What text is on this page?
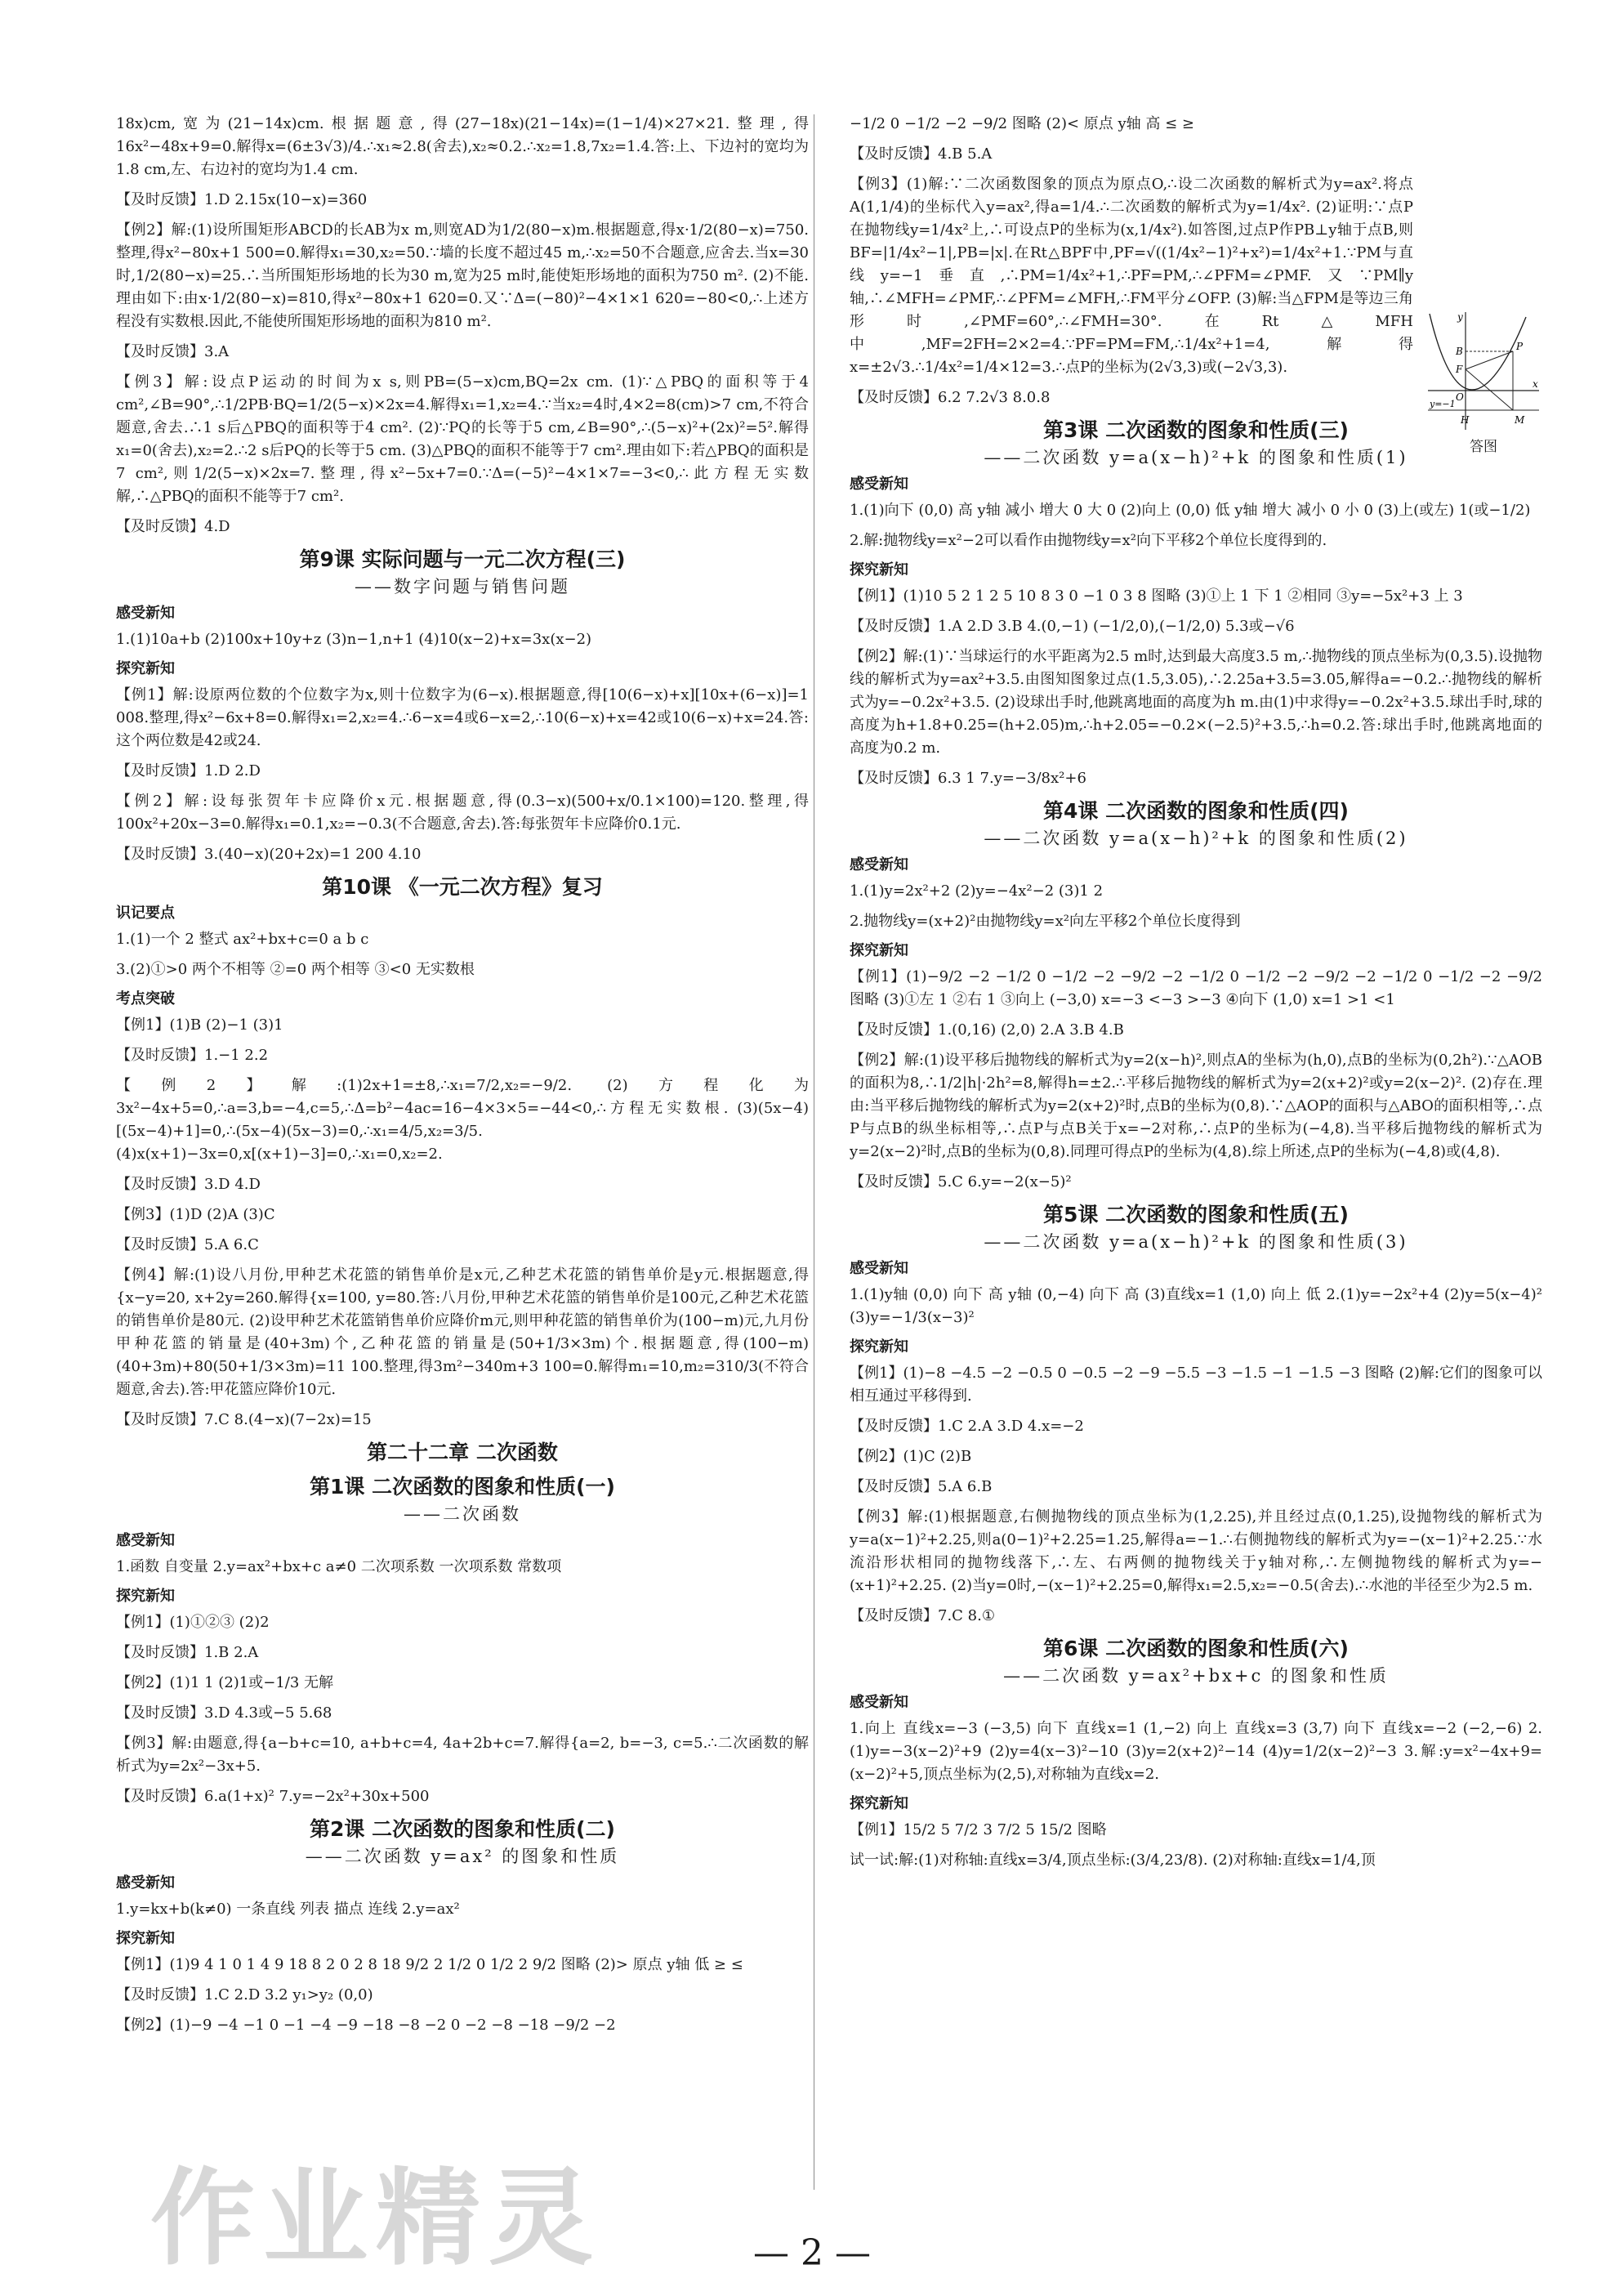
18x)cm,宽为(21−14x)cm.根据题意,得(27−18x)(21−14x)=(1−1/4)×27×21.整理,得16x²−48x+9=0.解得x=(6±3√3)/4.∴x₁≈2.8(舍去),x₂≈0.2.∴x₂=1.8,7x₂=1.4.答:上、下边衬的宽均为1.8 cm,左、右边衬的宽均为1.4 cm.
【及时反馈】1.D 2.15x(10−x)=360
【例2】解:(1)设所围矩形ABCD的长AB为x m,则宽AD为1/2(80−x)m.根据题意,得x·1/2(80−x)=750.整理,得x²−80x+1 500=0.解得x₁=30,x₂=50.∵墙的长度不超过45 m,∴x₂=50不合题意,应舍去.当x=30时,1/2(80−x)=25.∴当所围矩形场地的长为30 m,宽为25 m时,能使矩形场地的面积为750 m². (2)不能.理由如下:由x·1/2(80−x)=810,得x²−80x+1 620=0.又∵Δ=(−80)²−4×1×1 620=−80<0,∴上述方程没有实数根.因此,不能使所围矩形场地的面积为810 m².
【及时反馈】3.A
【例3】解:设点P运动的时间为x s,则PB=(5−x)cm,BQ=2x cm. (1)∵△PBQ的面积等于4 cm²,∠B=90°,∴1/2PB·BQ=1/2(5−x)×2x=4.解得x₁=1,x₂=4.∵当x₂=4时,4×2=8(cm)>7 cm,不符合题意,舍去.∴1 s后△PBQ的面积等于4 cm². (2)∵PQ的长等于5 cm,∠B=90°,∴(5−x)²+(2x)²=5².解得x₁=0(舍去),x₂=2.∴2 s后PQ的长等于5 cm. (3)△PBQ的面积不能等于7 cm².理由如下:若△PBQ的面积是7 cm²,则1/2(5−x)×2x=7.整理,得x²−5x+7=0.∵Δ=(−5)²−4×1×7=−3<0,∴此方程无实数解,∴△PBQ的面积不能等于7 cm².
【及时反馈】4.D
第9课 实际问题与一元二次方程(三)
——数字问题与销售问题
感受新知
1.(1)10a+b (2)100x+10y+z (3)n−1,n+1 (4)10(x−2)+x=3x(x−2)
探究新知
【例1】解:设原两位数的个位数字为x,则十位数字为(6−x).根据题意,得[10(6−x)+x][10x+(6−x)]=1 008.整理,得x²−6x+8=0.解得x₁=2,x₂=4.∴6−x=4或6−x=2,∴10(6−x)+x=42或10(6−x)+x=24.答:这个两位数是42或24.
【及时反馈】1.D 2.D
【例2】解:设每张贺年卡应降价x元.根据题意,得(0.3−x)(500+x/0.1×100)=120.整理,得100x²+20x−3=0.解得x₁=0.1,x₂=−0.3(不合题意,舍去).答:每张贺年卡应降价0.1元.
【及时反馈】3.(40−x)(20+2x)=1 200 4.10
第10课 《一元二次方程》复习
识记要点
1.(1)一个 2 整式 ax²+bx+c=0 a b c
3.(2)①>0 两个不相等 ②=0 两个相等 ③<0 无实数根
考点突破
【例1】(1)B (2)−1 (3)1
【及时反馈】1.−1 2.2
【例2】解:(1)2x+1=±8,∴x₁=7/2,x₂=−9/2. (2)方程化为3x²−4x+5=0,∴a=3,b=−4,c=5,∴Δ=b²−4ac=16−4×3×5=−44<0,∴方程无实数根. (3)(5x−4)[(5x−4)+1]=0,∴(5x−4)(5x−3)=0,∴x₁=4/5,x₂=3/5. (4)x(x+1)−3x=0,x[(x+1)−3]=0,∴x₁=0,x₂=2.
【及时反馈】3.D 4.D
【例3】(1)D (2)A (3)C
【及时反馈】5.A 6.C
【例4】解:(1)设八月份,甲种艺术花篮的销售单价是x元,乙种艺术花篮的销售单价是y元.根据题意,得{x−y=20, x+2y=260.解得{x=100, y=80.答:八月份,甲种艺术花篮的销售单价是100元,乙种艺术花篮的销售单价是80元. (2)设甲种艺术花篮销售单价应降价m元,则甲种花篮的销售单价为(100−m)元,九月份甲种花篮的销量是(40+3m)个,乙种花篮的销量是(50+1/3×3m)个.根据题意,得(100−m)(40+3m)+80(50+1/3×3m)=11 100.整理,得3m²−340m+3 100=0.解得m₁=10,m₂=310/3(不符合题意,舍去).答:甲花篮应降价10元.
【及时反馈】7.C 8.(4−x)(7−2x)=15
第二十二章 二次函数
第1课 二次函数的图象和性质(一)
——二次函数
感受新知
1.函数 自变量 2.y=ax²+bx+c a≠0 二次项系数 一次项系数 常数项
探究新知
【例1】(1)①②③ (2)2
【及时反馈】1.B 2.A
【例2】(1)1 1 (2)1或−1/3 无解
【及时反馈】3.D 4.3或−5 5.68
【例3】解:由题意,得{a−b+c=10, a+b+c=4, 4a+2b+c=7.解得{a=2, b=−3, c=5.∴二次函数的解析式为y=2x²−3x+5.
【及时反馈】6.a(1+x)² 7.y=−2x²+30x+500
第2课 二次函数的图象和性质(二)
——二次函数 y=ax² 的图象和性质
感受新知
1.y=kx+b(k≠0) 一条直线 列表 描点 连线 2.y=ax²
探究新知
【例1】(1)9 4 1 0 1 4 9 18 8 2 0 2 8 18 9/2 2 1/2 0 1/2 2 9/2 图略 (2)> 原点 y轴 低 ≥ ≤
【及时反馈】1.C 2.D 3.2 y₁>y₂ (0,0)
【例2】(1)−9 −4 −1 0 −1 −4 −9 −18 −8 −2 0 −2 −8 −18 −9/2 −2
−1/2 0 −1/2 −2 −9/2 图略 (2)< 原点 y轴 高 ≤ ≥
【及时反馈】4.B 5.A
【例3】(1)解:∵二次函数图象的顶点为原点O,∴设二次函数的解析式为y=ax².将点A(1,1/4)的坐标代入y=ax²,得a=1/4.∴二次函数的解析式为y=1/4x². (2)证明:∵点P在抛物线y=1/4x²上,∴可设点P的坐标为(x,1/4x²).如答图,过点P作PB⊥y轴于点B,则BF=|1/4x²−1|,PB=|x|.在Rt△BPF中,PF=√((1/4x²−1)²+x²)=1/4x²+1.∵PM与直线y=−1垂直,∴PM=1/4x²+1,∴PF=PM,∴∠PFM=∠PMF.又∵PM∥y轴,∴∠MFH=∠PMF,∴∠PFM=∠MFH,∴FM平分∠OFP. (3)解:当△FPM是等边三角形时,∠PMF=60°,∴∠FMH=30°.在Rt△MFH中,MF=2FH=2×2=4.∵PF=PM=FM,∴1/4x²+1=4,解得x=±2√3.∴1/4x²=1/4×12=3.∴点P的坐标为(2√3,3)或(−2√3,3).
【及时反馈】6.2 7.2√3 8.0.8
第3课 二次函数的图象和性质(三)
——二次函数 y=a(x−h)²+k 的图象和性质(1)
感受新知
1.(1)向下 (0,0) 高 y轴 减小 增大 0 大 0 (2)向上 (0,0) 低 y轴 增大 减小 0 小 0 (3)上(或左) 1(或−1/2)
2.解:抛物线y=x²−2可以看作由抛物线y=x²向下平移2个单位长度得到的.
探究新知
【例1】(1)10 5 2 1 2 5 10 8 3 0 −1 0 3 8 图略 (3)①上 1 下 1 ②相同 ③y=−5x²+3 上 3
【及时反馈】1.A 2.D 3.B 4.(0,−1) (−1/2,0),(−1/2,0) 5.3或−√6
【例2】解:(1)∵当球运行的水平距离为2.5 m时,达到最大高度3.5 m,∴抛物线的顶点坐标为(0,3.5).设抛物线的解析式为y=ax²+3.5.由图知图象过点(1.5,3.05),∴2.25a+3.5=3.05,解得a=−0.2.∴抛物线的解析式为y=−0.2x²+3.5. (2)设球出手时,他跳离地面的高度为h m.由(1)中求得y=−0.2x²+3.5.球出手时,球的高度为h+1.8+0.25=(h+2.05)m,∴h+2.05=−0.2×(−2.5)²+3.5,∴h=0.2.答:球出手时,他跳离地面的高度为0.2 m.
【及时反馈】6.3 1 7.y=−3/8x²+6
第4课 二次函数的图象和性质(四)
——二次函数 y=a(x−h)²+k 的图象和性质(2)
感受新知
1.(1)y=2x²+2 (2)y=−4x²−2 (3)1 2
2.抛物线y=(x+2)²由抛物线y=x²向左平移2个单位长度得到
探究新知
【例1】(1)−9/2 −2 −1/2 0 −1/2 −2 −9/2 −2 −1/2 0 −1/2 −2 −9/2 −2 −1/2 0 −1/2 −2 −9/2 图略 (3)①左 1 ②右 1 ③向上 (−3,0) x=−3 <−3 >−3 ④向下 (1,0) x=1 >1 <1
【及时反馈】1.(0,16) (2,0) 2.A 3.B 4.B
【例2】解:(1)设平移后抛物线的解析式为y=2(x−h)²,则点A的坐标为(h,0),点B的坐标为(0,2h²).∵△AOB的面积为8,∴1/2|h|·2h²=8,解得h=±2.∴平移后抛物线的解析式为y=2(x+2)²或y=2(x−2)². (2)存在.理由:当平移后抛物线的解析式为y=2(x+2)²时,点B的坐标为(0,8).∵△AOP的面积与△ABO的面积相等,∴点P与点B的纵坐标相等,∴点P与点B关于x=−2对称,∴点P的坐标为(−4,8).当平移后抛物线的解析式为y=2(x−2)²时,点B的坐标为(0,8).同理可得点P的坐标为(4,8).综上所述,点P的坐标为(−4,8)或(4,8).
【及时反馈】5.C 6.y=−2(x−5)²
第5课 二次函数的图象和性质(五)
——二次函数 y=a(x−h)²+k 的图象和性质(3)
感受新知
1.(1)y轴 (0,0) 向下 高 y轴 (0,−4) 向下 高 (3)直线x=1 (1,0) 向上 低 2.(1)y=−2x²+4 (2)y=5(x−4)² (3)y=−1/3(x−3)²
探究新知
【例1】(1)−8 −4.5 −2 −0.5 0 −0.5 −2 −9 −5.5 −3 −1.5 −1 −1.5 −3 图略 (2)解:它们的图象可以相互通过平移得到.
【及时反馈】1.C 2.A 3.D 4.x=−2
【例2】(1)C (2)B
【及时反馈】5.A 6.B
【例3】解:(1)根据题意,右侧抛物线的顶点坐标为(1,2.25),并且经过点(0,1.25),设抛物线的解析式为y=a(x−1)²+2.25,则a(0−1)²+2.25=1.25,解得a=−1.∴右侧抛物线的解析式为y=−(x−1)²+2.25.∵水流沿形状相同的抛物线落下,∴左、右两侧的抛物线关于y轴对称,∴左侧抛物线的解析式为y=−(x+1)²+2.25. (2)当y=0时,−(x−1)²+2.25=0,解得x₁=2.5,x₂=−0.5(舍去).∴水池的半径至少为2.5 m.
【及时反馈】7.C 8.①
第6课 二次函数的图象和性质(六)
——二次函数 y=ax²+bx+c 的图象和性质
感受新知
1.向上 直线x=−3 (−3,5) 向下 直线x=1 (1,−2) 向上 直线x=3 (3,7) 向下 直线x=−2 (−2,−6) 2.(1)y=−3(x−2)²+9 (2)y=4(x−3)²−10 (3)y=2(x+2)²−14 (4)y=1/2(x−2)²−3 3.解:y=x²−4x+9=(x−2)²+5,顶点坐标为(2,5),对称轴为直线x=2.
探究新知
【例1】15/2 5 7/2 3 7/2 5 15/2 图略
试一试:解:(1)对称轴:直线x=3/4,顶点坐标:(3/4,23/8). (2)对称轴:直线x=1/4,顶
y
x
O
B
F
P
H	M
y=−1
答图
作业精灵	— 2 —
